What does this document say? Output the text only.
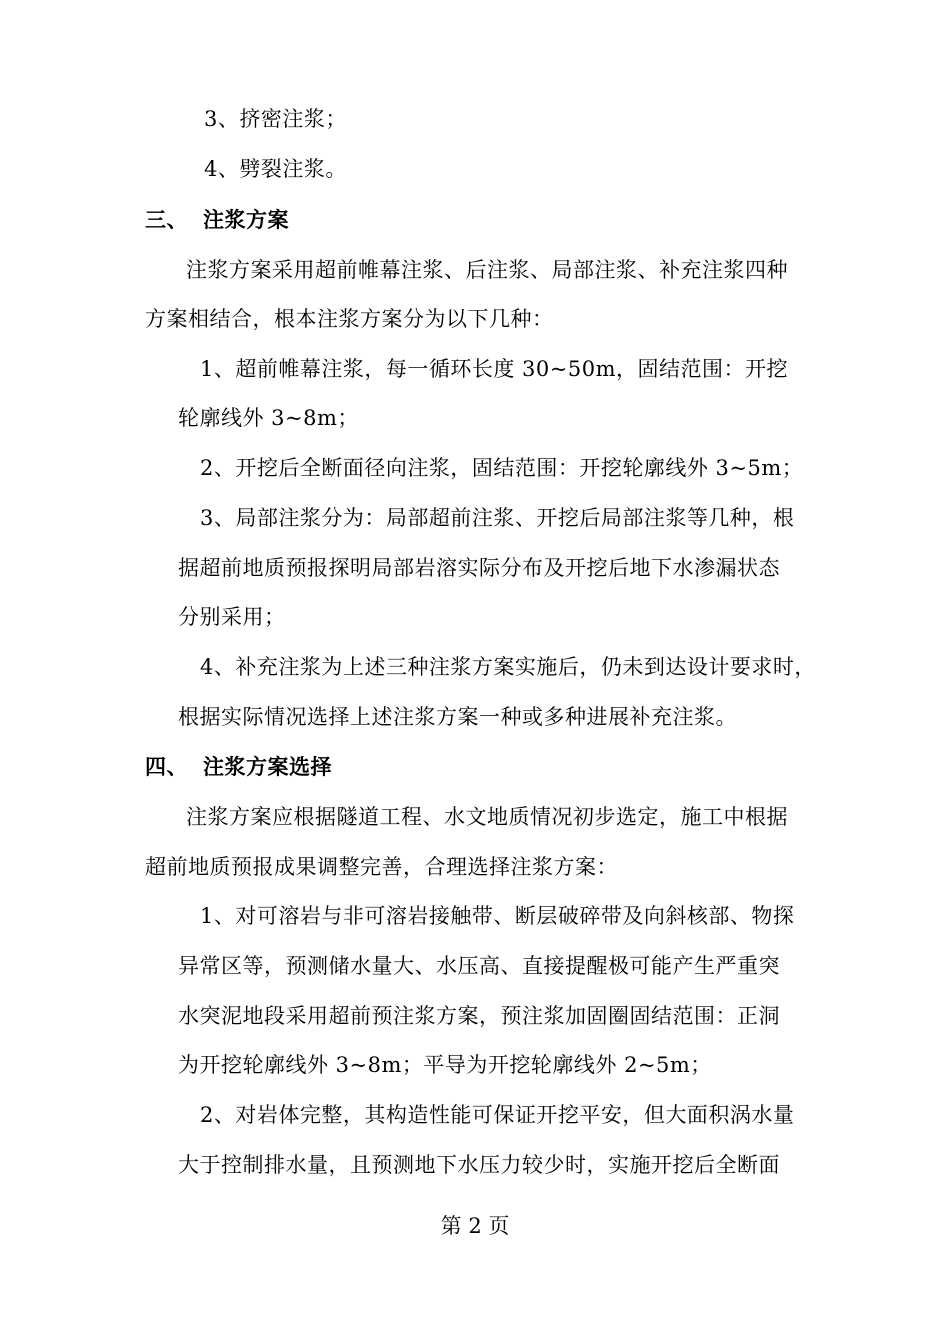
3、挤密注浆；
4、劈裂注浆。
三、 注浆方案
注浆方案采用超前帷幕注浆、后注浆、局部注浆、补充注浆四种
方案相结合，根本注浆方案分为以下几种：
1、超前帷幕注浆，每一循环长度 30~50m，固结范围：开挖
轮廓线外 3~8m；
2、开挖后全断面径向注浆，固结范围：开挖轮廓线外 3~5m；
3、局部注浆分为：局部超前注浆、开挖后局部注浆等几种，根
据超前地质预报探明局部岩溶实际分布及开挖后地下水渗漏状态
分别采用；
4、补充注浆为上述三种注浆方案实施后，仍未到达设计要求时，
根据实际情况选择上述注浆方案一种或多种进展补充注浆。
四、 注浆方案选择
注浆方案应根据隧道工程、水文地质情况初步选定，施工中根据
超前地质预报成果调整完善，合理选择注浆方案：
1、对可溶岩与非可溶岩接触带、断层破碎带及向斜核部、物探
异常区等，预测储水量大、水压高、直接提醒极可能产生严重突
水突泥地段采用超前预注浆方案，预注浆加固圈固结范围：正洞
为开挖轮廓线外 3~8m；平导为开挖轮廓线外 2~5m；
2、对岩体完整，其构造性能可保证开挖平安，但大面积涡水量
大于控制排水量，且预测地下水压力较少时，实施开挖后全断面
第 2 页
